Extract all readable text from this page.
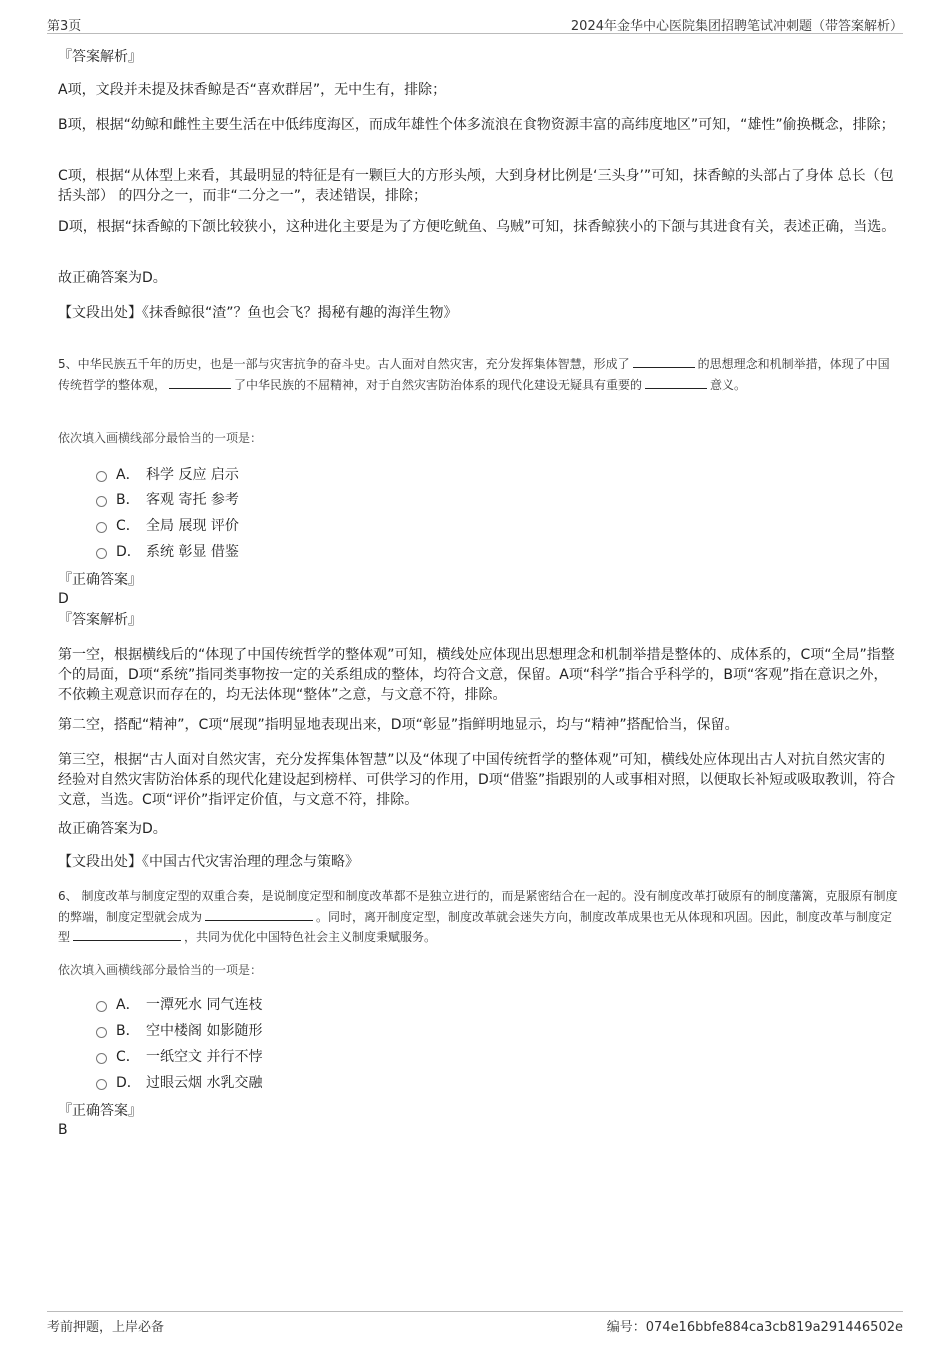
第3页	2024年金华中心医院集团招聘笔试冲刺题（带答案解析）
『答案解析』
A项，文段并未提及抹香鲸是否“喜欢群居”，无中生有，排除；
B项，根据“幼鲸和雌性主要生活在中低纬度海区，而成年雄性个体多流浪在食物资源丰富的高纬度地区”可知，“雄性”偷换概念，排除；
C项，根据“从体型上来看，其最明显的特征是有一颗巨大的方形头颅，大到身材比例是‘三头身’”可知，抹香鲸的头部占了身体 总长（包括头部） 的四分之一，而非“二分之一”，表述错误，排除；
D项，根据“抹香鲸的下颌比较狭小，这种进化主要是为了方便吃鱿鱼、乌贼”可知，抹香鲸狭小的下颌与其进食有关，表述正确，当选。
故正确答案为D。
【文段出处】《抹香鲸很“渣”？鱼也会飞？揭秘有趣的海洋生物》
5、中华民族五千年的历史，也是一部与灾害抗争的奋斗史。古人面对自然灾害，充分发挥集体智慧，形成了	的思想理念和机制举措，体现了中国传统哲学的整体观，	了中华民族的不屈精神，对于自然灾害防治体系的现代化建设无疑具有重要的	意义。
依次填入画横线部分最恰当的一项是：
A． 科学 反应 启示
B． 客观 寄托 参考
C． 全局 展现 评价
D． 系统 彰显 借鉴
『正确答案』
D
『答案解析』
第一空，根据横线后的“体现了中国传统哲学的整体观”可知，横线处应体现出思想理念和机制举措是整体的、成体系的，C项“全局”指整个的局面，D项“系统”指同类事物按一定的关系组成的整体，均符合文意，保留。A项“科学”指合乎科学的，B项“客观”指在意识之外，不依赖主观意识而存在的，均无法体现“整体”之意，与文意不符，排除。
第二空，搭配“精神”，C项“展现”指明显地表现出来，D项“彰显”指鲜明地显示，均与“精神”搭配恰当，保留。
第三空，根据“古人面对自然灾害，充分发挥集体智慧”以及“体现了中国传统哲学的整体观”可知，横线处应体现出古人对抗自然灾害的经验对自然灾害防治体系的现代化建设起到榜样、可供学习的作用，D项“借鉴”指跟别的人或事相对照，以便取长补短或吸取教训，符合文意，当选。C项“评价”指评定价值，与文意不符，排除。
故正确答案为D。
【文段出处】《中国古代灾害治理的理念与策略》
6、 制度改革与制度定型的双重合奏，是说制度定型和制度改革都不是独立进行的，而是紧密结合在一起的。没有制度改革打破原有的制度藩篱，克服原有制度的弊端，制度定型就会成为	。同时，离开制度定型，制度改革就会迷失方向，制度改革成果也无从体现和巩固。因此，制度改革与制度定型	，共同为优化中国特色社会主义制度秉赋服务。
依次填入画横线部分最恰当的一项是：
A． 一潭死水 同气连枝
B． 空中楼阁 如影随形
C． 一纸空文 并行不悖
D． 过眼云烟 水乳交融
『正确答案』
B
考前押题，上岸必备	编号：074e16bbfe884ca3cb819a291446502e
